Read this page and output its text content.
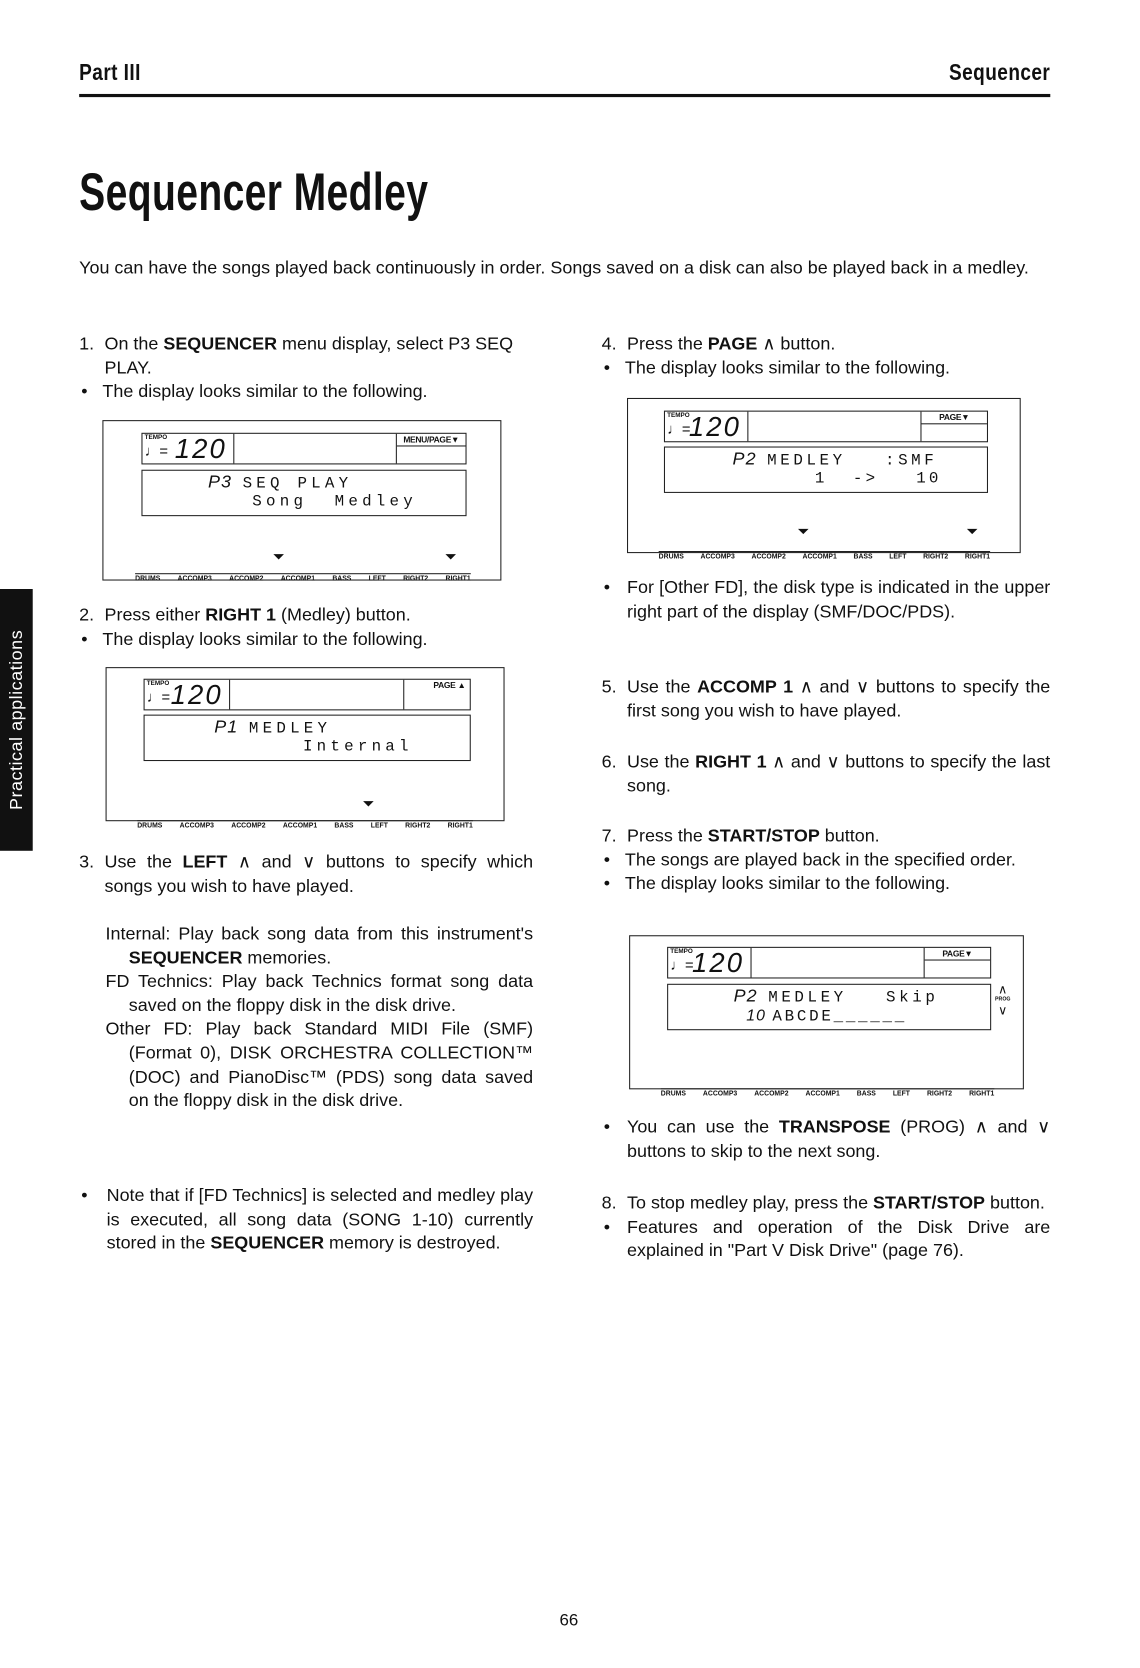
Part III	Sequencer
Sequencer Medley
You can have the songs played back continuously in order. Songs saved on a disk can also be played back in a medley.
Practical applications
1. On the SEQUENCER menu display, select P3 SEQ PLAY.
• The display looks similar to the following.
TEMPO
♩= 120	MENU/PAGE▼
P3 SEQ PLAY
Song  Medley
DRUMS	ACCOMP3	ACCOMP2	ACCOMP1	BASS	LEFT	RIGHT2	RIGHT1
2. Press either RIGHT 1 (Medley) button.
• The display looks similar to the following.
TEMPO
♩= 120	PAGE ▲
P1 MEDLEY
Internal
DRUMS	ACCOMP3	ACCOMP2	ACCOMP1	BASS	LEFT	RIGHT2	RIGHT1
3. Use the LEFT ∧ and ∨ buttons to specify which songs you wish to have played.
Internal: Play back song data from this instrument's SEQUENCER memories.
FD Technics: Play back Technics format song data saved on the floppy disk in the disk drive.
Other FD: Play back Standard MIDI File (SMF) (Format 0), DISK ORCHESTRA COLLECTION™ (DOC) and PianoDisc™ (PDS) song data saved on the floppy disk in the disk drive.
• Note that if [FD Technics] is selected and medley play is executed, all song data (SONG 1-10) currently stored in the SEQUENCER memory is destroyed.
4. Press the PAGE ∧ button.
• The display looks similar to the following.
TEMPO
♩=
120	PAGE▼
P2 MEDLEY   :SMF
1  ->   10
DRUMS	ACCOMP3	ACCOMP2	ACCOMP1	BASS	LEFT	RIGHT2	RIGHT1
• For [Other FD], the disk type is indicated in the upper right part of the display (SMF/DOC/PDS).
5. Use the ACCOMP 1 ∧ and ∨ buttons to specify the first song you wish to have played.
6. Use the RIGHT 1 ∧ and ∨ buttons to specify the last song.
7. Press the START/STOP button.
• The songs are played back in the specified order.
• The display looks similar to the following.
TEMPO
♩=
120	PAGE▼
P2 MEDLEY   Skip
10 ABCDE______
∧
PROG
∨
DRUMS	ACCOMP3	ACCOMP2	ACCOMP1	BASS	LEFT	RIGHT2	RIGHT1
• You can use the TRANSPOSE (PROG) ∧ and ∨ buttons to skip to the next song.
8. To stop medley play, press the START/STOP button.
• Features and operation of the Disk Drive are explained in "Part V Disk Drive" (page 76).
66
